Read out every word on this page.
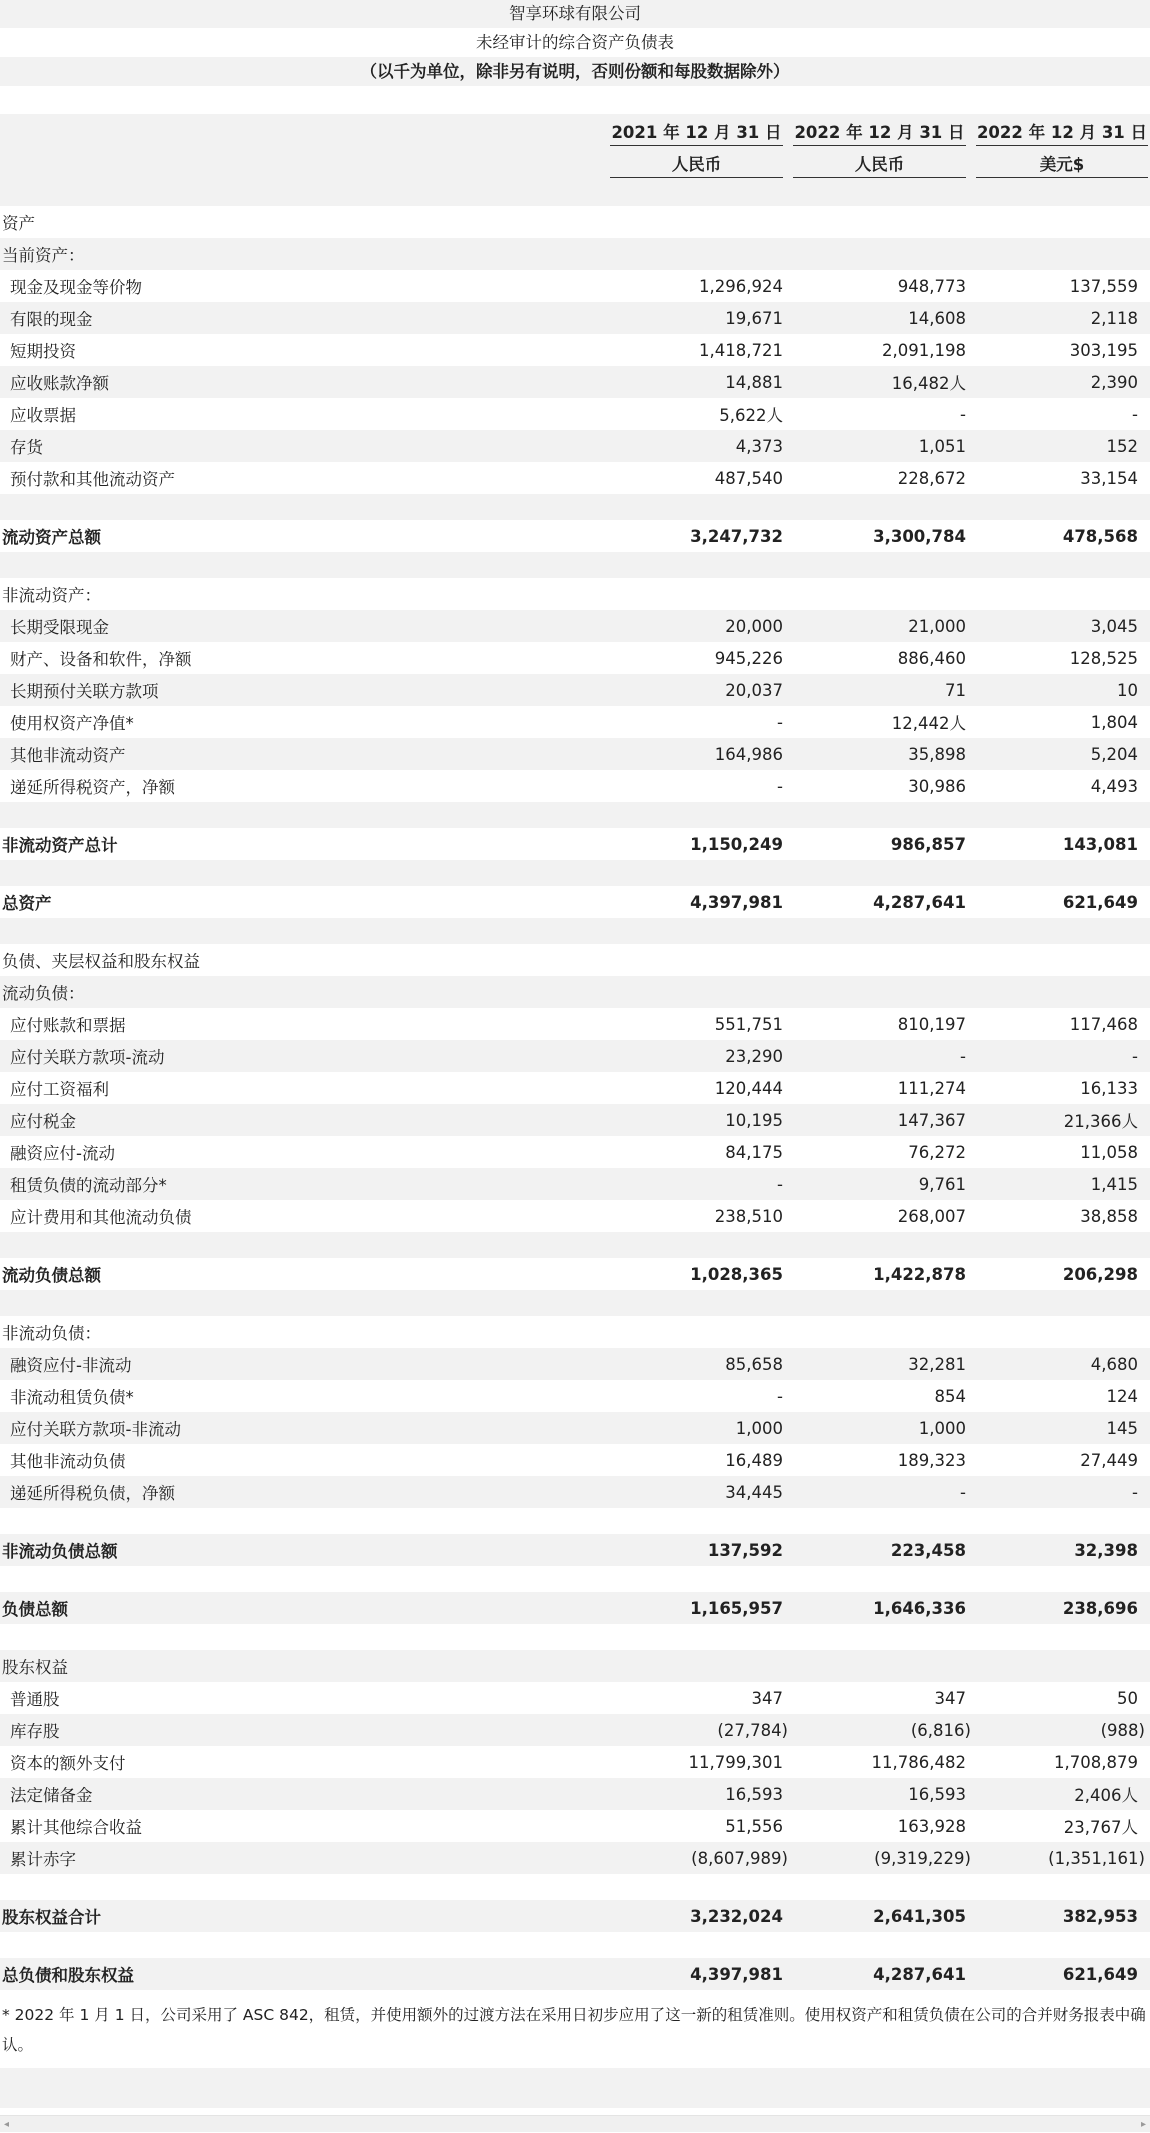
智享环球有限公司
未经审计的综合资产负债表
（以千为单位，除非另有说明，否则份额和每股数据除外）
2021 年 12 月 31 日 2022 年 12 月 31 日 2022 年 12 月 31 日
人民币	人民币	美元$
资产
当前资产：
现金及现金等价物	1,296,924	948,773	137,559
有限的现金	19,671	14,608	2,118
短期投资	1,418,721	2,091,198	303,195
应收账款净额	14,881	16,482人	2,390
应收票据	5,622人	-	-
存货	4,373	1,051	152
预付款和其他流动资产	487,540	228,672	33,154
流动资产总额	3,247,732	3,300,784	478,568
非流动资产：
长期受限现金	20,000	21,000	3,045
财产、设备和软件，净额	945,226	886,460	128,525
长期预付关联方款项	20,037	71	10
使用权资产净值*	-	12,442人	1,804
其他非流动资产	164,986	35,898	5,204
递延所得税资产，净额	-	30,986	4,493
非流动资产总计	1,150,249	986,857	143,081
总资产	4,397,981	4,287,641	621,649
负债、夹层权益和股东权益
流动负债：
应付账款和票据	551,751	810,197	117,468
应付关联方款项-流动	23,290	-	-
应付工资福利	120,444	111,274	16,133
应付税金	10,195	147,367	21,366人
融资应付-流动	84,175	76,272	11,058
租赁负债的流动部分*	-	9,761	1,415
应计费用和其他流动负债	238,510	268,007	38,858
流动负债总额	1,028,365	1,422,878	206,298
非流动负债：
融资应付-非流动	85,658	32,281	4,680
非流动租赁负债*	-	854	124
应付关联方款项-非流动	1,000	1,000	145
其他非流动负债	16,489	189,323	27,449
递延所得税负债，净额	34,445	-	-
非流动负债总额	137,592	223,458	32,398
负债总额	1,165,957	1,646,336	238,696
股东权益
普通股	347	347	50
库存股	(27,784)	(6,816)	(988)
资本的额外支付	11,799,301	11,786,482	1,708,879
法定储备金	16,593	16,593	2,406人
累计其他综合收益	51,556	163,928	23,767人
累计赤字	(8,607,989)	(9,319,229)	(1,351,161)
股东权益合计	3,232,024	2,641,305	382,953
总负债和股东权益	4,397,981	4,287,641	621,649
* 2022 年 1 月 1 日，公司采用了 ASC 842，租赁，并使用额外的过渡方法在采用日初步应用了这一新的租赁准则。使用权资产和租赁负债在公司的合并财务报表中确认。
◂	▸
